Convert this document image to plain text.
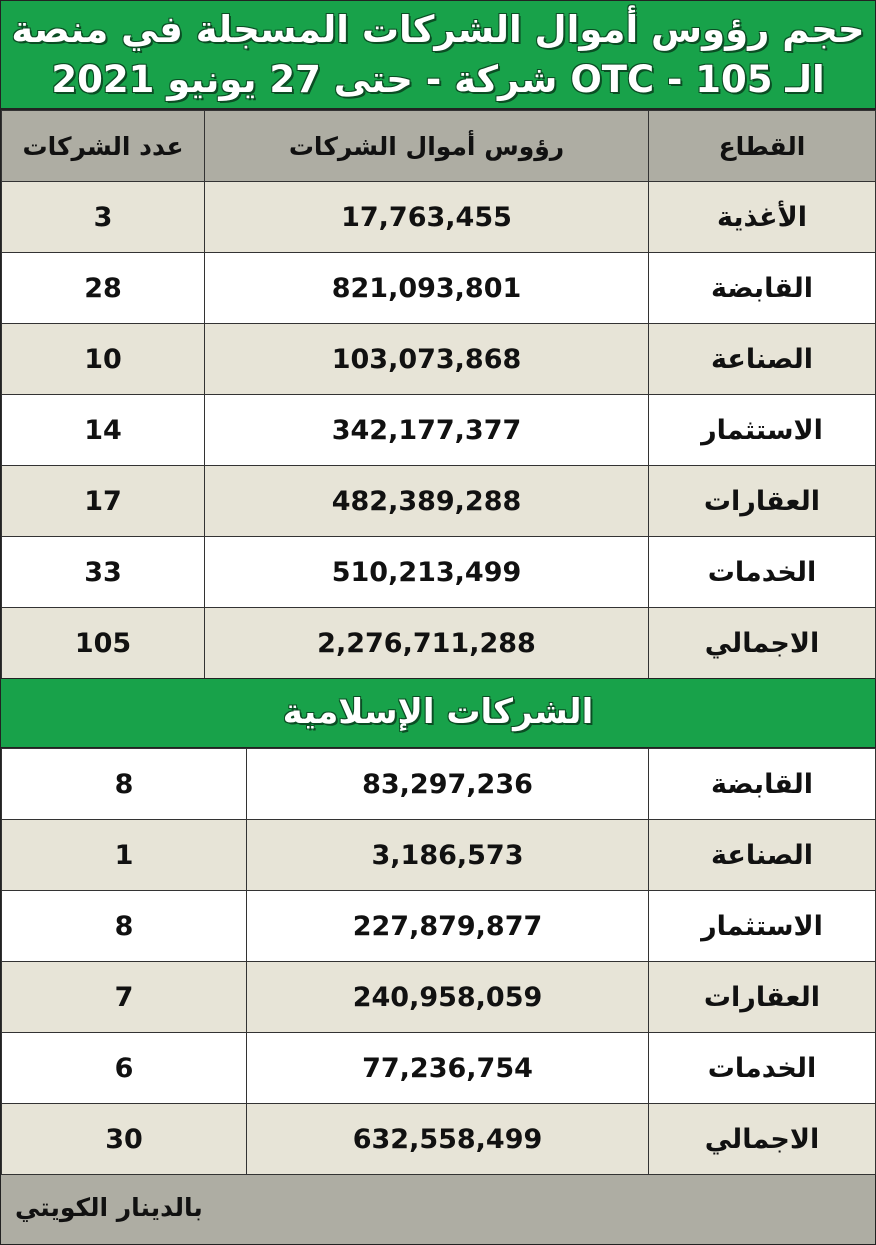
حجم رؤوس أموال الشركات المسجلة في منصة
الـ OTC - 105 شركة - حتى 27 يونيو 2021
القطاع	رؤوس أموال الشركات	عدد الشركات
الأغذية	17,763,455	3
القابضة	821,093,801	28
الصناعة	103,073,868	10
الاستثمار	342,177,377	14
العقارات	482,389,288	17
الخدمات	510,213,499	33
الاجمالي	2,276,711,288	105
الشركات الإسلامية
القابضة	83,297,236	8
الصناعة	3,186,573	1
الاستثمار	227,879,877	8
العقارات	240,958,059	7
الخدمات	77,236,754	6
الاجمالي	632,558,499	30
بالدينار الكويتي
